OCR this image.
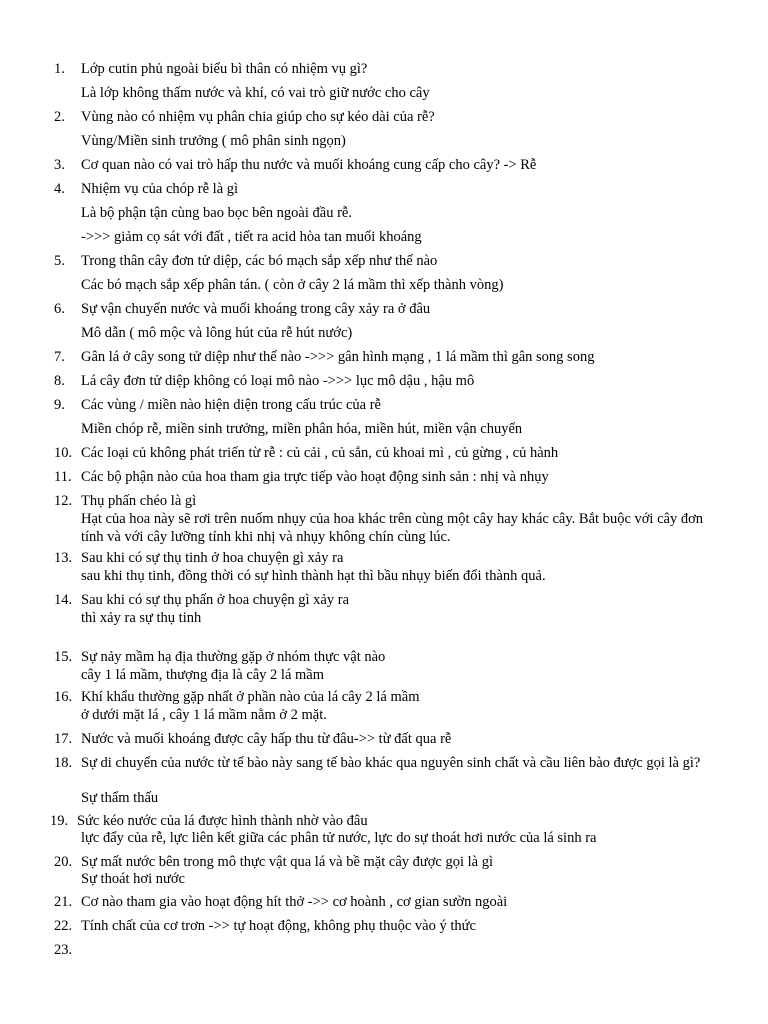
1. Lớp cutin phủ ngoài biểu bì thân có nhiệm vụ gì?
Là lớp không thấm nước và khí, có vai trò giữ nước cho cây
2. Vùng nào có nhiệm vụ phân chia giúp cho sự kéo dài của rễ?
Vùng/Miền sinh trưởng ( mô phân sinh ngọn)
3. Cơ quan nào có vai trò hấp thu nước và muối khoáng cung cấp cho cây? -> Rễ
4. Nhiệm vụ của chóp rễ là gì
Là bộ phận tận cùng bao bọc bên ngoài đầu rễ.
->>> giảm cọ sát với đất , tiết ra acid hòa tan muối khoáng
5. Trong thân cây đơn tử diệp, các bó mạch sắp xếp như thế nào
Các bó mạch sắp xếp phân tán. ( còn ở cây 2 lá mầm thì xếp thành vòng)
6. Sự vận chuyển nước và muối khoáng trong cây xảy ra ở đâu
Mô dẫn ( mô mộc và lông hút của rễ hút nước)
7. Gân lá ở cây song tử diệp như thế nào ->>> gân hình mạng , 1 lá mầm thì gân song song
8. Lá cây đơn tử diệp không có loại mô nào ->>> lục mô dậu , hậu mô
9. Các vùng / miền nào hiện diện trong cấu trúc của rễ
Miền chóp rễ, miền sinh trưởng, miền phân hóa, miền hút, miền vận chuyển
10. Các loại củ không phát triển từ rễ : củ cải , củ sắn, củ khoai mì , củ gừng , củ hành
11. Các bộ phận nào của hoa tham gia trực tiếp vào hoạt động sinh sản : nhị và nhụy
12. Thụ phấn chéo là gì
Hạt của hoa này sẽ rơi trên nuốm nhụy của hoa khác trên cùng một cây hay khác cây. Bắt buộc với cây đơn tính và với cây lưỡng tính khi nhị và nhụy không chín cùng lúc.
13. Sau khi có sự thụ tinh ở hoa chuyện gì xảy ra
sau khi thụ tinh, đồng thời có sự hình thành hạt thì bầu nhụy biến đổi thành quả.
14. Sau khi có sự thụ phấn ở hoa chuyện gì xảy ra
thì xảy ra sự thụ tinh
15. Sự nảy mầm hạ địa thường gặp ở nhóm thực vật nào
cây 1 lá mầm, thượng địa là cây 2 lá mầm
16. Khí khẩu thường gặp nhất ở phần nào của lá cây 2 lá mầm
ở dưới mặt lá , cây 1 lá mầm nằm ở 2 mặt.
17. Nước và muối khoáng được cây hấp thu từ đâu->> từ đất qua rễ
18. Sự di chuyển của nước từ tế bào này sang tế bào khác qua nguyên sinh chất và cầu liên bào được gọi là gì?
Sự thẩm thấu
19. Sức kéo nước của lá được hình thành nhờ vào đâu
lực đẩy của rễ, lực liên kết giữa các phân tử nước, lực do sự thoát hơi nước của lá sinh ra
20. Sự mất nước bên trong mô thực vật qua lá và bề mặt cây được gọi là gì
Sự thoát hơi nước
21. Cơ nào tham gia vào hoạt động hít thở ->> cơ hoành , cơ gian sườn ngoài
22. Tính chất của cơ trơn ->> tự hoạt động, không phụ thuộc vào ý thức
23.
